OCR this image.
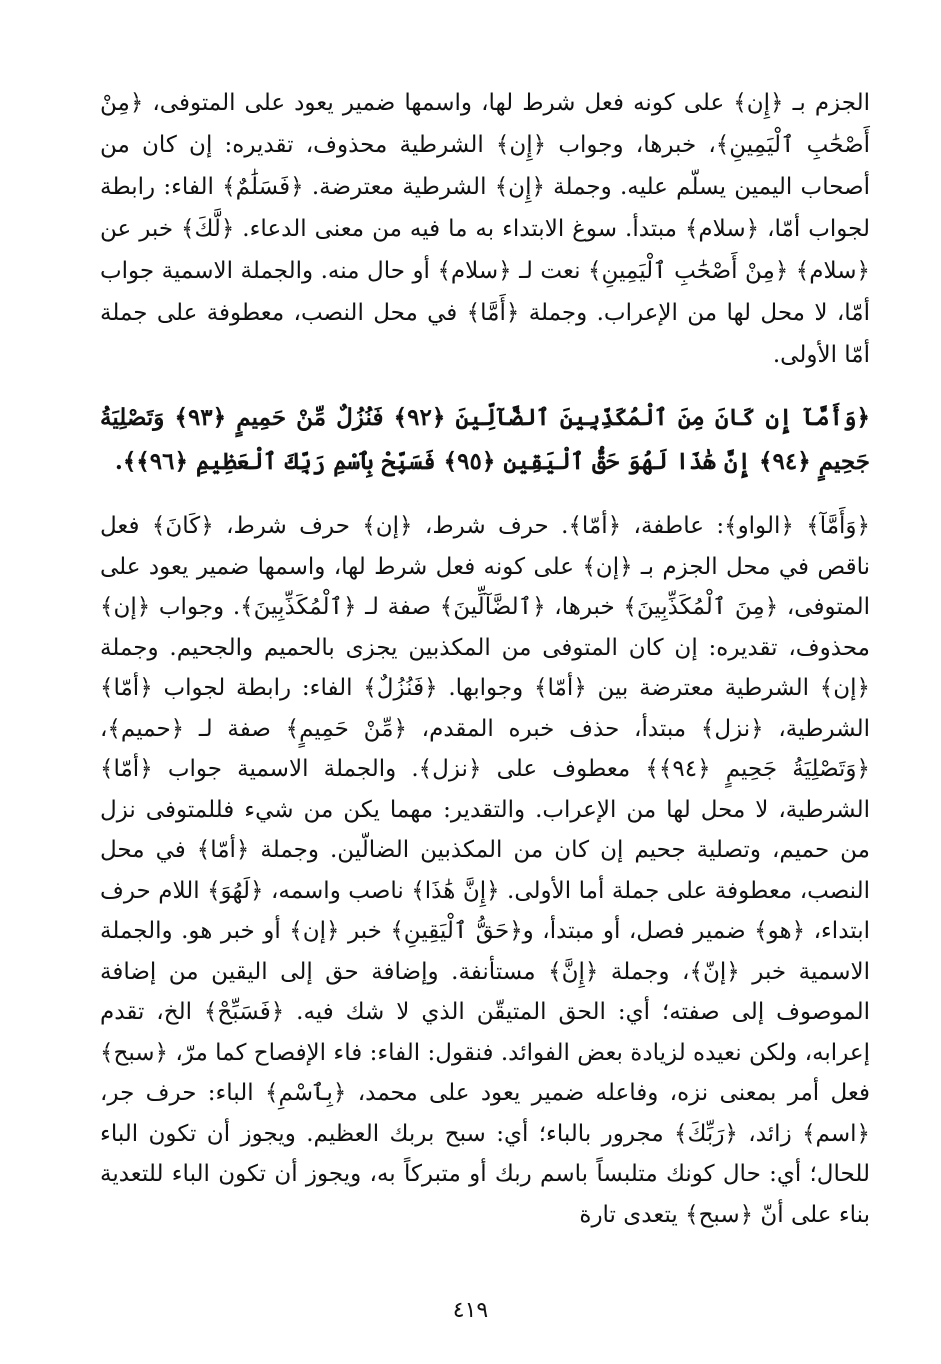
الجزم بـ ﴿إِن﴾ على كونه فعل شرط لها، واسمها ضمير يعود على المتوفى، ﴿مِنْ أَصْحَٰبِ ٱلْيَمِينِ﴾، خبرها، وجواب ﴿إِن﴾ الشرطية محذوف، تقديره: إن كان من أصحاب اليمين يسلّم عليه. وجملة ﴿إِن﴾ الشرطية معترضة. ﴿فَسَلَٰمٌ﴾ الفاء: رابطة لجواب أمّا، ﴿سلام﴾ مبتدأ. سوغ الابتداء به ما فيه من معنى الدعاء. ﴿لَّكَ﴾ خبر عن ﴿سلام﴾ ﴿مِنْ أَصْحَٰبِ ٱلْيَمِينِ﴾ نعت لـ ﴿سلام﴾ أو حال منه. والجملة الاسمية جواب أمّا، لا محل لها من الإعراب. وجملة ﴿أَمَّا﴾ في محل النصب، معطوفة على جملة أمّا الأولى.

﴿وَأَمَّآ إِن كَانَ مِنَ ٱلْمُكَذِّبِينَ ٱلضَّآلِّينَ ﴿٩٢﴾ فَنُزُلٌ مِّنْ حَمِيمٍ ﴿٩٣﴾ وَتَصْلِيَةُ جَحِيمٍ ﴿٩٤﴾ إِنَّ هَٰذَا لَهُوَ حَقُّ ٱلْيَقِينِ ﴿٩٥﴾ فَسَبِّحْ بِٱسْمِ رَبِّكَ ٱلْعَظِيمِ ﴿٩٦﴾﴾.

﴿وَأَمَّآ﴾ ﴿الواو﴾: عاطفة، ﴿أمّا﴾. حرف شرط، ﴿إن﴾ حرف شرط، ﴿كَانَ﴾ فعل ناقص في محل الجزم بـ ﴿إن﴾ على كونه فعل شرط لها، واسمها ضمير يعود على المتوفى، ﴿مِنَ ٱلْمُكَذِّبِينَ﴾ خبرها، ﴿ٱلضَّآلِّينَ﴾ صفة لـ ﴿ٱلْمُكَذِّبِينَ﴾. وجواب ﴿إن﴾ محذوف، تقديره: إن كان المتوفى من المكذبين يجزى بالحميم والجحيم. وجملة ﴿إن﴾ الشرطية معترضة بين ﴿أمّا﴾ وجوابها. ﴿فَنُزُلٌ﴾ الفاء: رابطة لجواب ﴿أمّا﴾ الشرطية، ﴿نزل﴾ مبتدأ، حذف خبره المقدم، ﴿مِّنْ حَمِيمٍ﴾ صفة لـ ﴿حميم﴾، ﴿وَتَصْلِيَةُ جَحِيمٍ ﴿٩٤﴾﴾ معطوف على ﴿نزل﴾. والجملة الاسمية جواب ﴿أمّا﴾ الشرطية، لا محل لها من الإعراب. والتقدير: مهما يكن من شيء فللمتوفى نزل من حميم، وتصلية جحيم إن كان من المكذبين الضالّين. وجملة ﴿أمّا﴾ في محل النصب، معطوفة على جملة أما الأولى. ﴿إِنَّ هَٰذَا﴾ ناصب واسمه، ﴿لَهُوَ﴾ اللام حرف ابتداء، ﴿هو﴾ ضمير فصل، أو مبتدأ، و﴿حَقُّ ٱلْيَقِينِ﴾ خبر ﴿إن﴾ أو خبر هو. والجملة الاسمية خبر ﴿إنّ﴾، وجملة ﴿إِنَّ﴾ مستأنفة. وإضافة حق إلى اليقين من إضافة الموصوف إلى صفته؛ أي: الحق المتيقّن الذي لا شك فيه. ﴿فَسَبِّحْ﴾ الخ، تقدم إعرابه، ولكن نعيده لزيادة بعض الفوائد. فنقول: الفاء: فاء الإفصاح كما مرّ، ﴿سبح﴾ فعل أمر بمعنى نزه، وفاعله ضمير يعود على محمد، ﴿بِٱسْمِ﴾ الباء: حرف جر، ﴿اسم﴾ زائد، ﴿رَبِّكَ﴾ مجرور بالباء؛ أي: سبح بربك العظيم. ويجوز أن تكون الباء للحال؛ أي: حال كونك متلبساً باسم ربك أو متبركاً به، ويجوز أن تكون الباء للتعدية بناء على أنّ ﴿سبح﴾ يتعدى تارة

٤١٩
